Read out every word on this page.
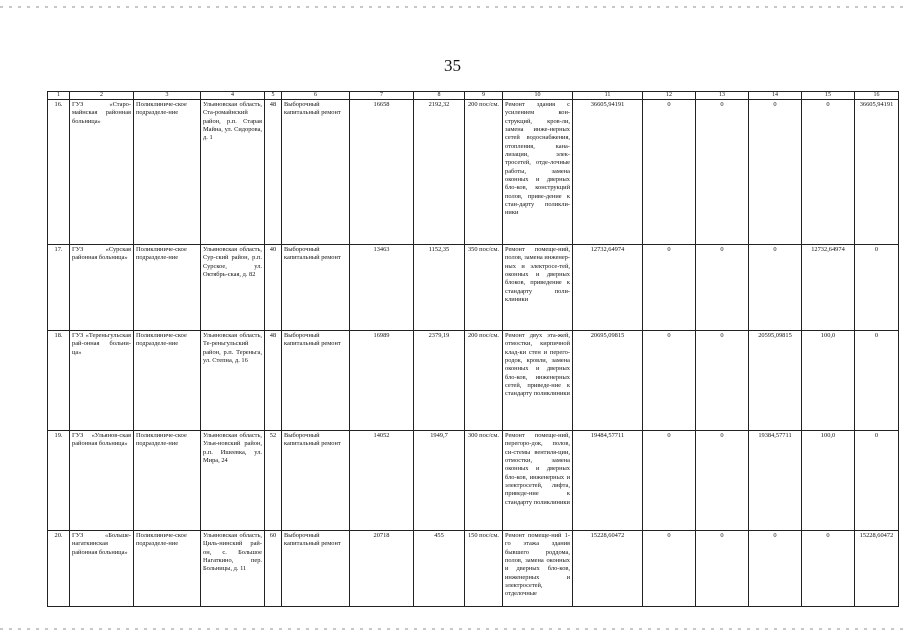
35
1	2	3	4	5	6	7	8	9	10	11	12	13	14	15	16
16.	ГУЗ «Старо-майнская районная больница»	Поликлиниче-ское подразделе-ние	Ульяновская область, Ста-ромайнский район, р.п. Старая Майна, ул. Сидорова, д. 1	48	Выборочный капитальный ремонт	16658	2192,32	200 пос/см.	Ремонт здания с усилением кон-струкций, кров-ли, замена инже-нерных сетей водоснабжения, отопления, кана-лизации, элек-тросетей, отде-лочные работы, замена оконных и дверных бло-ков, конструкций полов, приве-дение к стан-дарту поликли-ники	36605,94191	0	0	0	0	36605,94191
17.	ГУЗ «Сурская районная больница»	Поликлиниче-ское подразделе-ние	Ульяновская область, Сур-ский район, р.п. Сурское, ул. Октябрь-ская, д. 82	40	Выборочный капитальный ремонт	13463	1152,35	350 пос/см.	Ремонт помеще-ний, полов, замена инженер-ных и электросе-тей, оконных и дверных блоков, приведение к стандарту поли-клиники	12732,64974	0	0	0	12732,64974	0
18.	ГУЗ «Тереньгульская рай-онная больни-ца»	Поликлиниче-ское подразделе-ние	Ульяновская область, Те-реньгульский район, р.п. Тереньга, ул. Степна, д. 16	48	Выборочный капитальный ремонт	16989	2379,19	200 пос/см.	Ремонт двух эта-жей, отмостки, кирпичной клад-ки стен и перего-родок, кровли, замена оконных и дверных бло-ков, инженерных сетей, приведе-ние к стандарту поликлиники	20695,09815	0	0	20595,09815	100,0	0
19.	ГУЗ «Ульянов-ская районная больница»	Поликлиниче-ское подразделе-ние	Ульяновская область, Улья-новский район, р.п. Ишеевка, ул. Мира, 24	52	Выборочный капитальный ремонт	14052	1949,7	300 пос/см.	Ремонт помеще-ний, перегоро-док, полов, си-стемы вентиля-ции, отмостки, замена оконных и дверных бло-ков, инженерных и электросетей, лифта, приведе-ние к стандарту поликлиники	19484,57711	0	0	19384,57711	100,0	0
20.	ГУЗ «Больше-нагаткинская районная больница»	Поликлиниче-ское подразделе-ние	Ульяновская область, Циль-нинский рай-он, с. Большое Нагаткино, пер. Больницы, д. 11	60	Выборочный капитальный ремонт	20718	455	150 пос/см.	Ремонт помеще-ний 1-го этажа здания бывшего роддома, полов, замена оконных и дверных бло-ков, инженерных и электросетей, отделочные	15228,60472	0	0	0	0	15228,60472
